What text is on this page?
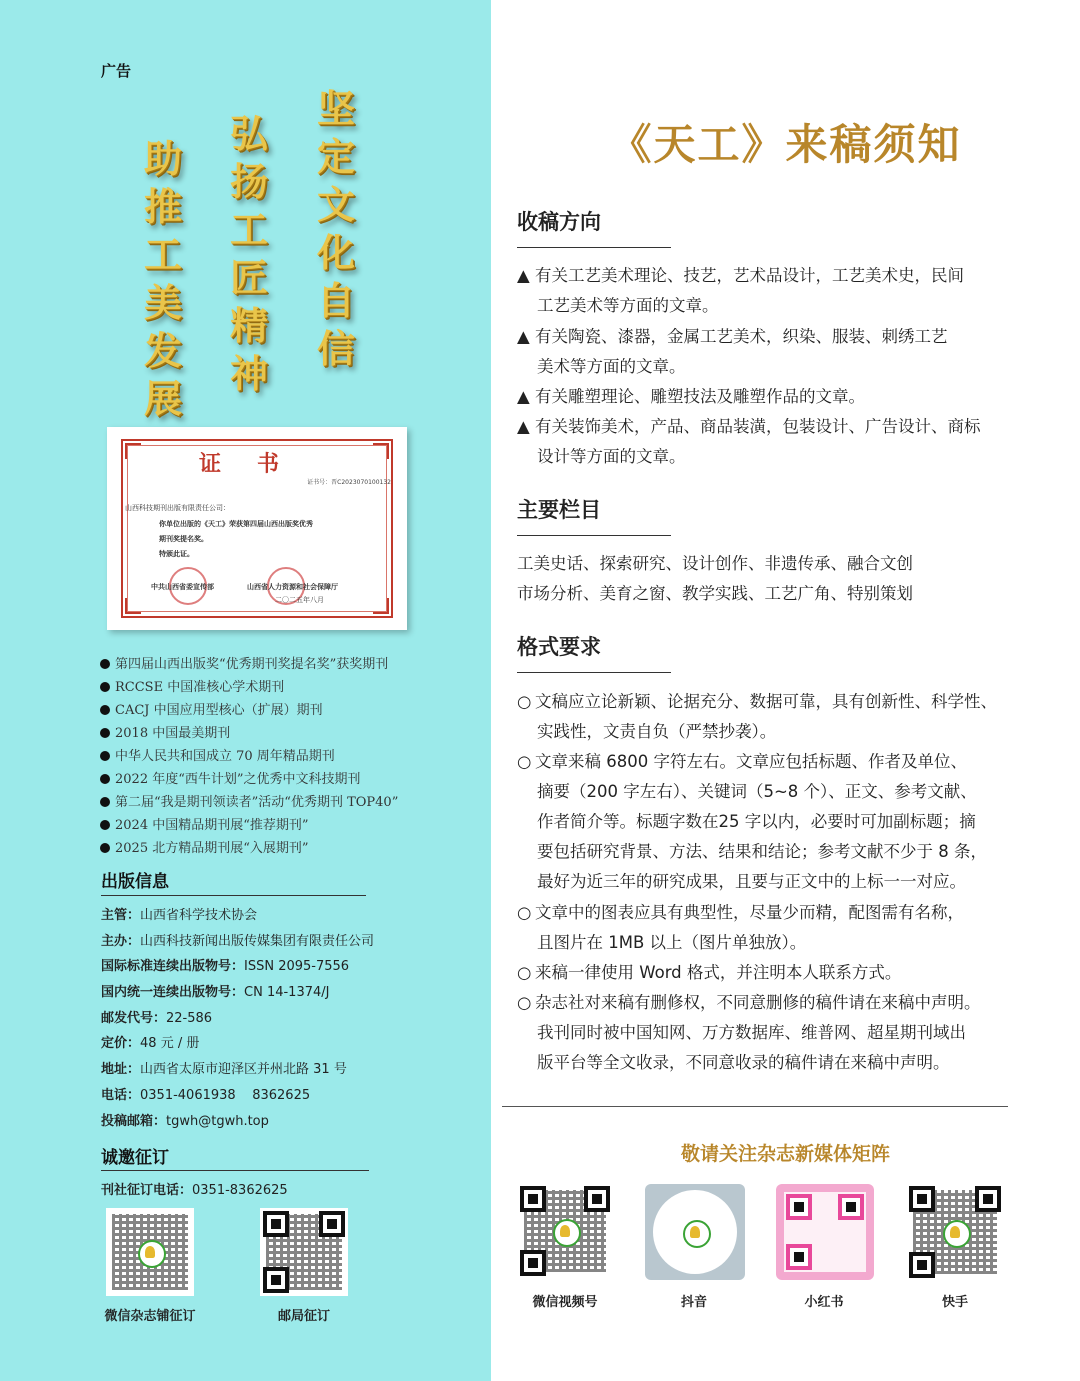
广告
坚
定
文
化
自
信
弘
扬
工
匠
精
神
助
推
工
美
发
展
证书
证书号：晋C2023070100132
山西科技期刊出版有限责任公司：
你单位出版的《天工》荣获第四届山西出版奖优秀
期刊奖提名奖。
特颁此证。
中共山西省委宣传部	山西省人力资源和社会保障厅
二〇二五年八月
第四届山西出版奖“优秀期刊奖提名奖”获奖期刊
RCCSE 中国准核心学术期刊
CACJ 中国应用型核心（扩展）期刊
2018 中国最美期刊
中华人民共和国成立 70 周年精品期刊
2022 年度“西牛计划”之优秀中文科技期刊
第二届“我是期刊领读者”活动“优秀期刊 TOP40”
2024 中国精品期刊展“推荐期刊”
2025 北方精品期刊展“入展期刊”
出版信息
主管：山西省科学技术协会
主办：山西科技新闻出版传媒集团有限责任公司
国际标准连续出版物号：ISSN 2095-7556
国内统一连续出版物号：CN 14-1374/J
邮发代号：22-586
定价：48 元 / 册
地址：山西省太原市迎泽区并州北路 31 号
电话：0351-4061938    8362625
投稿邮箱：tgwh@tgwh.top
诚邀征订
刊社征订电话：0351-8362625
微信杂志铺征订	邮局征订
《天工》来稿须知
收稿方向
▲ 有关工艺美术理论、技艺，艺术品设计，工艺美术史，民间
工艺美术等方面的文章。
▲ 有关陶瓷、漆器，金属工艺美术，织染、服装、刺绣工艺
美术等方面的文章。
▲ 有关雕塑理论、雕塑技法及雕塑作品的文章。
▲ 有关装饰美术，产品、商品装潢，包装设计、广告设计、商标
设计等方面的文章。
主要栏目
工美史话、探索研究、设计创作、非遗传承、融合文创
市场分析、美育之窗、教学实践、工艺广角、特别策划
格式要求
○ 文稿应立论新颖、论据充分、数据可靠，具有创新性、科学性、
实践性，文责自负（严禁抄袭）。
○ 文章来稿 6800 字符左右。文章应包括标题、作者及单位、
摘要（200 字左右）、关键词（5~8 个）、正文、参考文献、
作者简介等。标题字数在25 字以内，必要时可加副标题；摘
要包括研究背景、方法、结果和结论；参考文献不少于 8 条，
最好为近三年的研究成果，且要与正文中的上标一一对应。
○ 文章中的图表应具有典型性，尽量少而精，配图需有名称，
且图片在 1MB 以上（图片单独放）。
○ 来稿一律使用 Word 格式，并注明本人联系方式。
○ 杂志社对来稿有删修权，不同意删修的稿件请在来稿中声明。
我刊同时被中国知网、万方数据库、维普网、超星期刊域出
版平台等全文收录，不同意收录的稿件请在来稿中声明。
敬请关注杂志新媒体矩阵
微信视频号	抖音	小红书	快手
